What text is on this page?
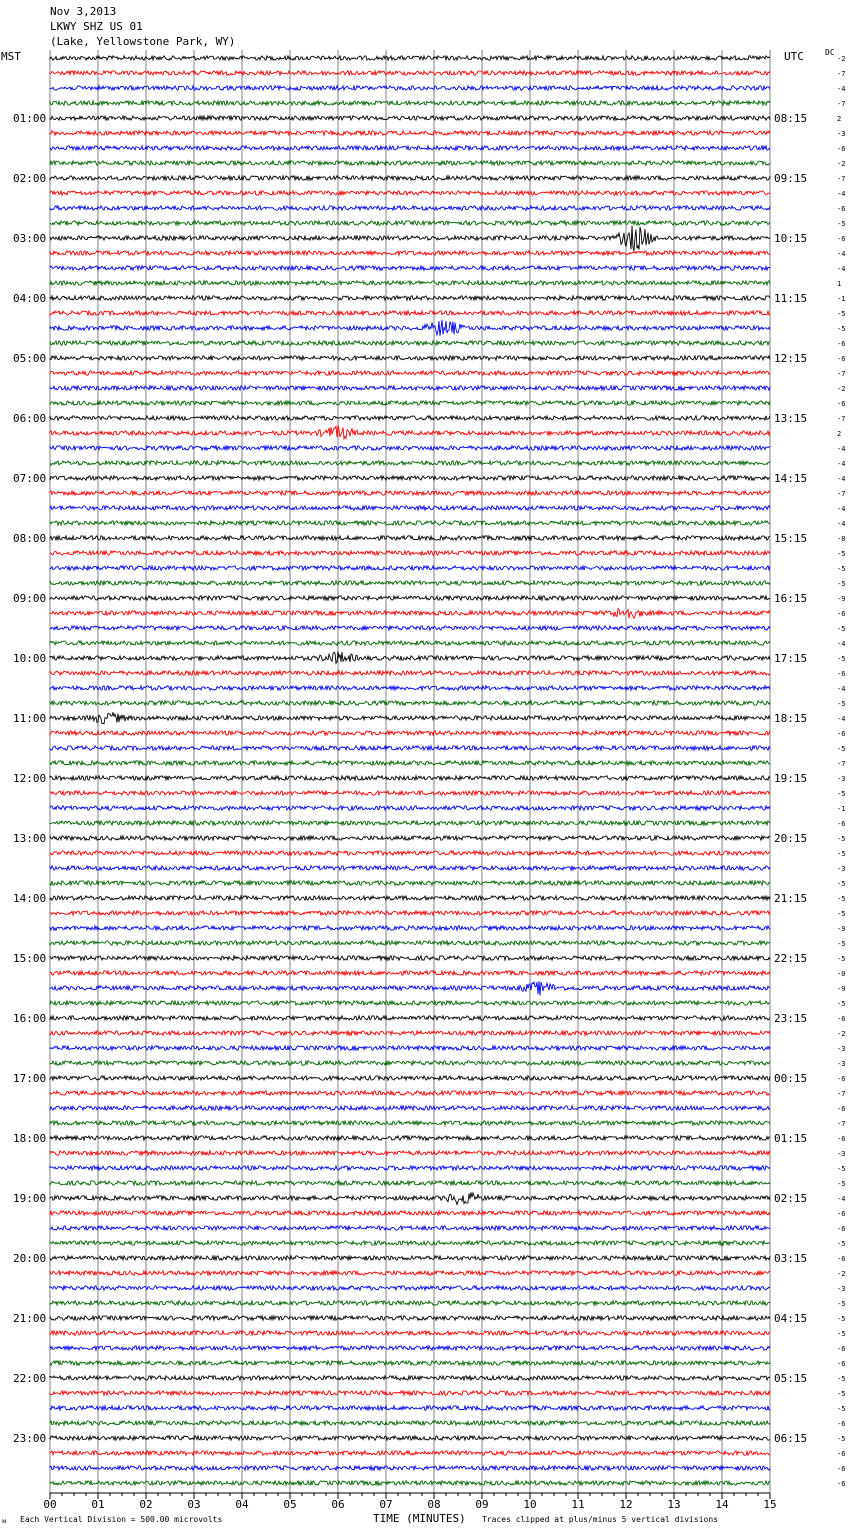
Nov 3,2013
LKWY SHZ US 01
(Lake, Yellowstone Park, WY)
MST	UTC	DC
-2
-7
-4
-7
2
-3
-6
-2
-7
-4
-6
-5
-6
-4
-4
1
-1
-5
-5
-6
-6
-7
-2
-6
-7
2
-4
-4
-4
-7
-4
-4
-8
-5
-5
-5
-9
-6
-5
-4
-5
-6
-4
-5
-4
-6
-5
-7
-3
-5
-1
-6
-5
-5
-3
-5
-5
-5
-9
-5
-5
-0
-9
-5
-6
-2
-3
-3
-6
-7
-6
-7
-6
-3
-5
-5
-4
-6
-6
-5
-6
-2
-3
-5
-5
-5
-6
-6
-5
-5
-5
-6
-5
-6
-6
-6
01:00
02:00
03:00
04:00
05:00
06:00
07:00
08:00
09:00
10:00
11:00
12:00
13:00
14:00
15:00
16:00
17:00
18:00
19:00
20:00
21:00
22:00
23:00
08:15
09:15
10:15
11:15
12:15
13:15
14:15
15:15
16:15
17:15
18:15
19:15
20:15
21:15
22:15
23:15
00:15
01:15
02:15
03:15
04:15
05:15
06:15
00	01	02	03	04	05	06	07	08	09	10	11	12	13	14	15
ᴍ Each Vertical Division = 500.00 microvolts	TIME (MINUTES) Traces clipped at plus/minus 5 vertical divisions
